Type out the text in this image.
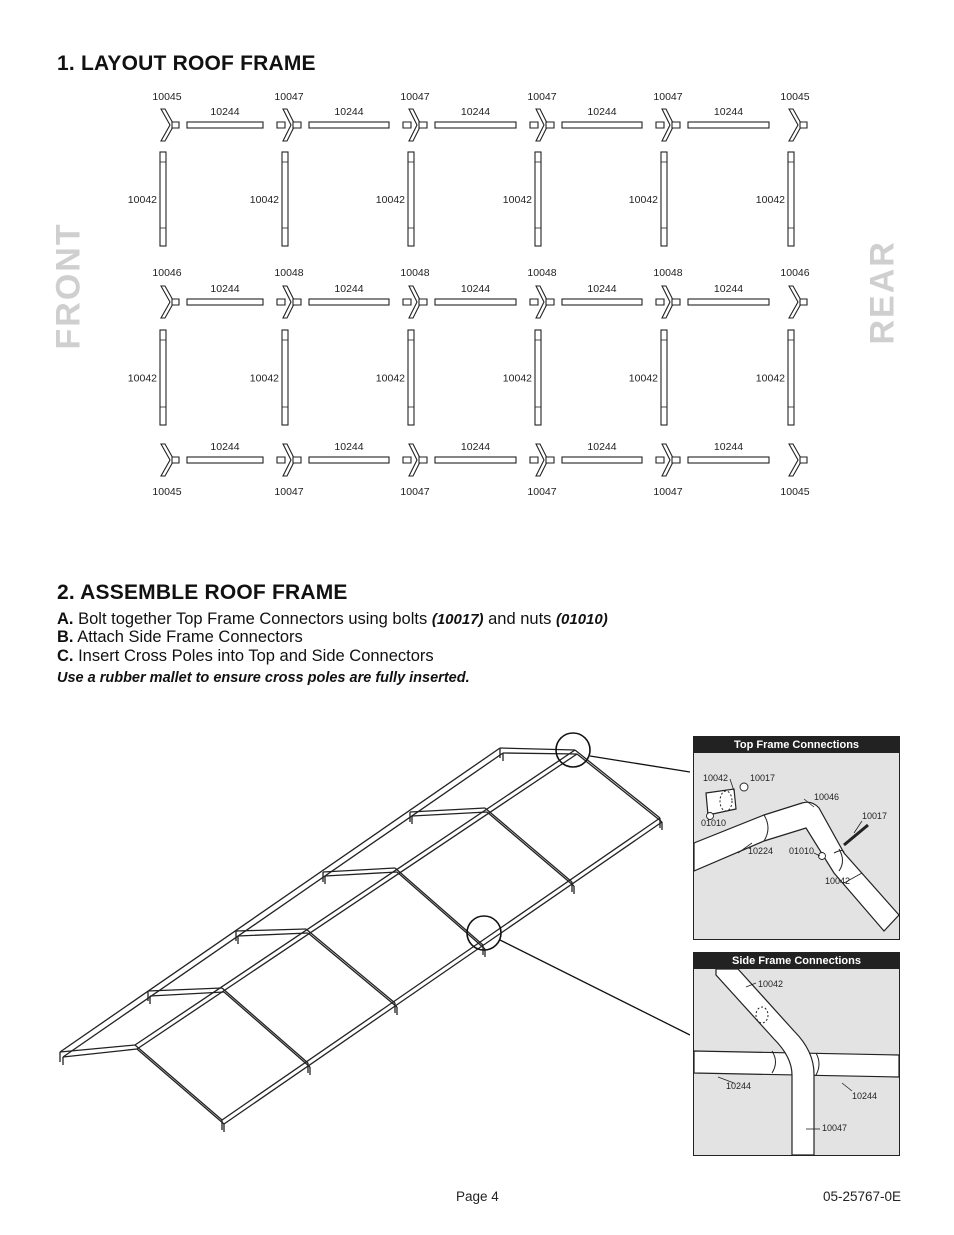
1. LAYOUT ROOF FRAME
FRONT	REAR
10045	10047	10047	10047	10047	10045
10244	10244	10244	10244	10244
10046	10048	10048	10048	10048	10046
10244	10244	10244	10244	10244
10045	10047	10047	10047	10047	10045
10244	10244	10244	10244	10244
10042	10042	10042	10042	10042	10042
10042	10042	10042	10042	10042	10042
2. ASSEMBLE ROOF FRAME
A. Bolt together Top Frame Connectors using bolts (10017) and nuts (01010)
B. Attach Side Frame Connectors
C. Insert Cross Poles into Top and Side Connectors
Use a rubber mallet to ensure cross poles are fully inserted.
Top Frame Connections
10042 10017
10046
01010
10017
10224 01010
10042
Side Frame Connections
10042
10244
10244
10047
Page 4	05-25767-0E
